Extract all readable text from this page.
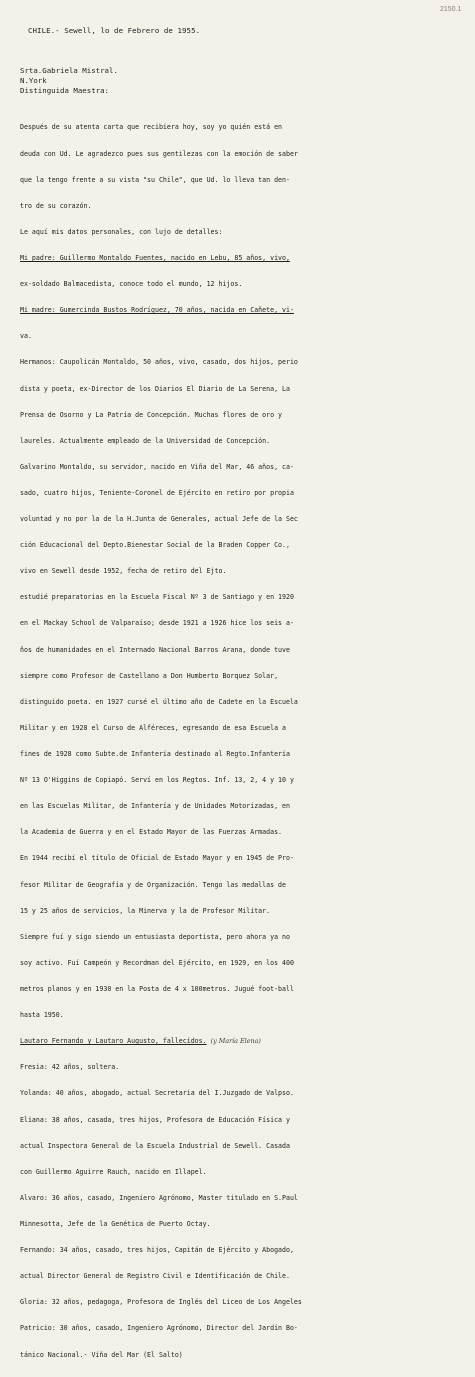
2150.1
CHILE.- Sewell, lo de Febrero de 1955.
Srta.Gabriela Mistral.
N.York
Distinguida Maestra:

Después de su atenta carta que recibiera hoy, soy yo quién está en

deuda con Ud. Le agradezco pues sus gentilezas con la emoción de saber

que la tengo frente a su vista "su Chile", que Ud. lo lleva tan den-

tro de su corazón.

Le aquí mis datos personales, con lujo de detalles:

Mi padre: Guillermo Montaldo Fuentes, nacido en Lebu, 85 años, vivo,

ex-soldado Balmacedista, conoce todo el mundo, 12 hijos.

Mi madre: Gumercinda Bustos Rodríguez, 70 años, nacida en Cañete, vi-

va.

Hermanos: Caupolicán Montaldo, 50 años, vivo, casado, dos hijos, perio

dista y poeta, ex-Director de los Diarios El Diario de La Serena, La

Prensa de Osorno y La Patria de Concepción. Muchas flores de oro y

laureles. Actualmente empleado de la Universidad de Concepción.

Galvarino Montaldo, su servidor, nacido en Viña del Mar, 46 años, ca-

sado, cuatro hijos, Teniente-Coronel de Ejército en retiro por propia

voluntad y no por la de la H.Junta de Generales, actual Jefe de la Sec

ción Educacional del Depto.Bienestar Social de la Braden Copper Co.,

vivo en Sewell desde 1952, fecha de retiro del Ejto.

estudié preparatorias en la Escuela Fiscal Nº 3 de Santiago y en 1920

en el Mackay School de Valparaíso; desde 1921 a 1926 hice los seis a-

ños de humanidades en el Internado Nacional Barros Arana, donde tuve

siempre como Profesor de Castellano a Don Humberto Borquez Solar,

distinguido poeta. en 1927 cursé el último año de Cadete en la Escuela

Militar y en 1928 el Curso de Alféreces, egresando de esa Escuela a

fines de 1928 como Subte.de Infantería destinado al Regto.Infantería

Nº 13 O'Higgins de Copiapó. Serví en los Regtos. Inf. 13, 2, 4 y 10 y

en las Escuelas Militar, de Infantería y de Unidades Motorizadas, en

la Academia de Guerra y en el Estado Mayor de las Fuerzas Armadas.

En 1944 recibí el título de Oficial de Estado Mayor y en 1945 de Pro-

fesor Militar de Geografía y de Organización. Tengo las medallas de

15 y 25 años de servicios, la Minerva y la de Profesor Militar.

Siempre fuí y sigo siendo un entusiasta deportista, pero ahora ya no

soy activo. Fuí Campeón y Recordman del Ejército, en 1929, en los 400

metros planos y en 1930 en la Posta de 4 x 100metros. Jugué foot-ball

hasta 1950.

Lautaro Fernando y Lautaro Augusto, fallecidos. (y María Elena)

Fresia: 42 años, soltera.

Yolanda: 40 años, abogado, actual Secretaria del I.Juzgado de Valpso.

Eliana: 38 años, casada, tres hijos, Profesora de Educación Física y

actual Inspectora General de la Escuela Industrial de Sewell. Casada

con Guillermo Aguirre Rauch, nacido en Illapel.

Alvaro: 36 años, casado, Ingeniero Agrónomo, Master titulado en S.Paul

Minnesotta, Jefe de la Genética de Puerto Octay.

Fernando: 34 años, casado, tres hijos, Capitán de Ejército y Abogado,

actual Director General de Registro Civil e Identificación de Chile.

Gloria: 32 años, pedagoga, Profesora de Inglés del Liceo de Los Angeles

Patricio: 30 años, casado, Ingeniero Agrónomo, Director del Jardín Bo-

tánico Nacional.- Viña del Mar (El Salto)
